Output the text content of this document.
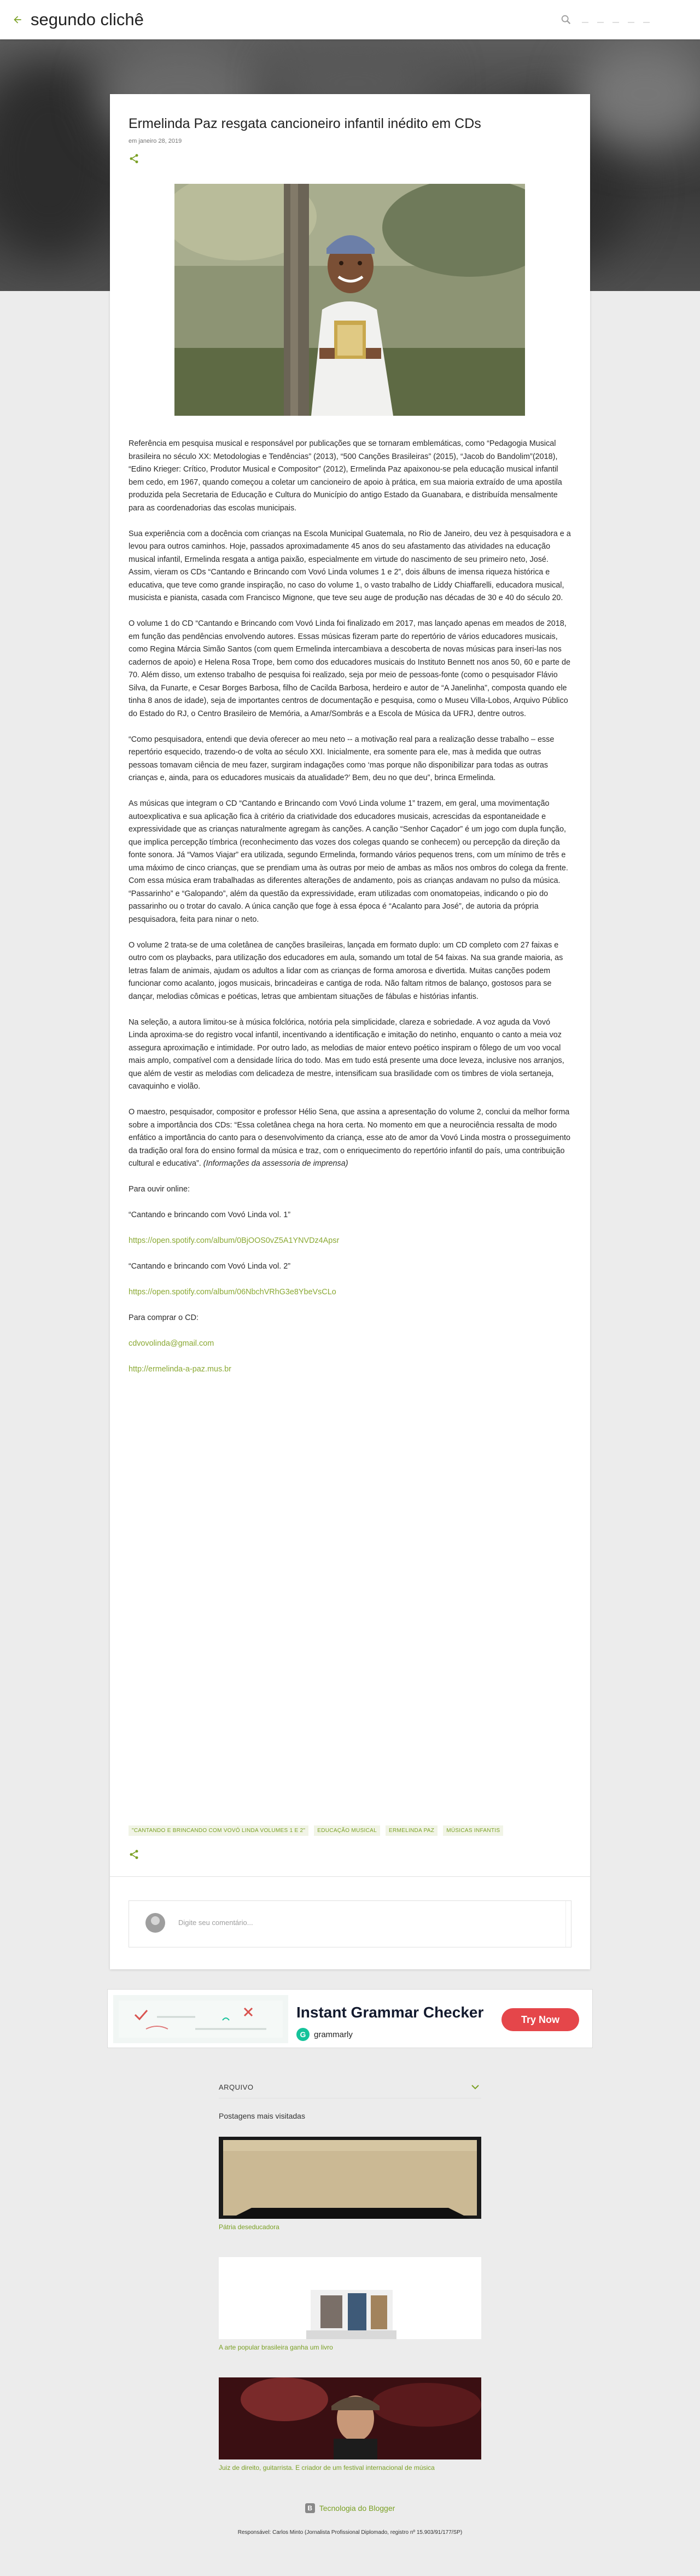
segundo clichê
Ermelinda Paz resgata cancioneiro infantil inédito em CDs
em janeiro 28, 2019

Referência em pesquisa musical e responsável por publicações que se tornaram emblemáticas, como “Pedagogia Musical brasileira no século XX: Metodologias e Tendências” (2013), “500 Canções Brasileiras” (2015), “Jacob do Bandolim”(2018), “Edino Krieger: Crítico, Produtor Musical e Compositor” (2012), Ermelinda Paz apaixonou-se pela educação musical infantil bem cedo, em 1967, quando começou a coletar um cancioneiro de apoio à prática, em sua maioria extraído de uma apostila produzida pela Secretaria de Educação e Cultura do Município do antigo Estado da Guanabara, e distribuída mensalmente para as coordenadorias das escolas municipais.

Sua experiência com a docência com crianças na Escola Municipal Guatemala, no Rio de Janeiro, deu vez à pesquisadora e a levou para outros caminhos. Hoje, passados aproximadamente 45 anos do seu afastamento das atividades na educação musical infantil, Ermelinda resgata a antiga paixão, especialmente em virtude do nascimento de seu primeiro neto, José. Assim, vieram os CDs “Cantando e Brincando com Vovó Linda volumes 1 e 2”, dois álbuns de imensa riqueza histórica e educativa, que teve como grande inspiração, no caso do volume 1, o vasto trabalho de Liddy Chiaffarelli, educadora musical, musicista e pianista, casada com Francisco Mignone, que teve seu auge de produção nas décadas de 30 e 40 do século 20.

O volume 1 do CD “Cantando e Brincando com Vovó Linda foi finalizado em 2017, mas lançado apenas em meados de 2018, em função das pendências envolvendo autores. Essas músicas fizeram parte do repertório de vários educadores musicais, como Regina Márcia Simão Santos (com quem Ermelinda intercambiava a descoberta de novas músicas para inseri-las nos cadernos de apoio) e Helena Rosa Trope, bem como dos educadores musicais do Instituto Bennett nos anos 50, 60 e parte de 70. Além disso, um extenso trabalho de pesquisa foi realizado, seja por meio de pessoas-fonte (como o pesquisador Flávio Silva, da Funarte, e Cesar Borges Barbosa, filho de Cacilda Barbosa, herdeiro e autor de “A Janelinha”, composta quando ele tinha 8 anos de idade), seja de importantes centros de documentação e pesquisa, como o Museu Villa-Lobos, Arquivo Público do Estado do RJ, o Centro Brasileiro de Memória, a Amar/Sombrás e a Escola de Música da UFRJ, dentre outros.

“Como pesquisadora, entendi que devia oferecer ao meu neto -- a motivação real para a realização desse trabalho – esse repertório esquecido, trazendo-o de volta ao século XXI. Inicialmente, era somente para ele, mas à medida que outras pessoas tomavam ciência de meu fazer, surgiram indagações como ‘mas porque não disponibilizar para todas as outras crianças e, ainda, para os educadores musicais da atualidade?’ Bem, deu no que deu”, brinca Ermelinda.

As músicas que integram o CD “Cantando e Brincando com Vovó Linda volume 1” trazem, em geral, uma movimentação autoexplicativa e sua aplicação fica à critério da criatividade dos educadores musicais, acrescidas da espontaneidade e expressividade que as crianças naturalmente agregam às canções. A canção “Senhor Caçador” é um jogo com dupla função, que implica percepção tímbrica (reconhecimento das vozes dos colegas quando se conhecem) ou percepção da direção da fonte sonora. Já “Vamos Viajar” era utilizada, segundo Ermelinda, formando vários pequenos trens, com um mínimo de três e uma máximo de cinco crianças, que se prendiam uma às outras por meio de ambas as mãos nos ombros do colega da frente. Com essa música eram trabalhadas as diferentes alterações de andamento, pois as crianças andavam no pulso da música. “Passarinho” e “Galopando”, além da questão da expressividade, eram utilizadas com onomatopeias, indicando o pio do passarinho ou o trotar do cavalo. A única canção que foge à essa época é “Acalanto para José”, de autoria da própria pesquisadora, feita para ninar o neto.

O volume 2 trata-se de uma coletânea de canções brasileiras, lançada em formato duplo: um CD completo com 27 faixas e outro com os playbacks, para utilização dos educadores em aula, somando um total de 54 faixas. Na sua grande maioria, as letras falam de animais, ajudam os adultos a lidar com as crianças de forma amorosa e divertida. Muitas canções podem funcionar como acalanto, jogos musicais, brincadeiras e cantiga de roda. Não faltam ritmos de balanço, gostosos para se dançar, melodias cômicas e poéticas, letras que ambientam situações de fábulas e histórias infantis.

Na seleção, a autora limitou-se à música folclórica, notória pela simplicidade, clareza e sobriedade. A voz aguda da Vovó Linda aproxima-se do registro vocal infantil, incentivando a identificação e imitação do netinho, enquanto o canto a meia voz assegura aproximação e intimidade. Por outro lado, as melodias de maior entevo poético inspiram o fôlego de um voo vocal mais amplo, compatível com a densidade lírica do todo. Mas em tudo está presente uma doce leveza, inclusive nos arranjos, que além de vestir as melodias com delicadeza de mestre, intensificam sua brasilidade com os timbres de viola sertaneja, cavaquinho e violão.

O maestro, pesquisador, compositor e professor Hélio Sena, que assina a apresentação do volume 2, conclui da melhor forma sobre a importância dos CDs: “Essa coletânea chega na hora certa. No momento em que a neurociência ressalta de modo enfático a importância do canto para o desenvolvimento da criança, esse ato de amor da Vovó Linda mostra o prosseguimento da tradição oral fora do ensino formal da música e traz, com o enriquecimento do repertório infantil do país, uma contribuição cultural e educativa”. (Informações da assessoria de imprensa)

Para ouvir online:

“Cantando e brincando com Vovó Linda vol. 1”

https://open.spotify.com/album/0BjOOS0vZ5A1YNVDz4Apsr

“Cantando e brincando com Vovó Linda vol. 2”

https://open.spotify.com/album/06NbchVRhG3e8YbeVsCLo

Para comprar o CD:

cdvovolinda@gmail.com

http://ermelinda-a-paz.mus.br

"CANTANDO E BRINCANDO COM VOVÓ LINDA VOLUMES 1 E 2"	EDUCAÇÃO MUSICAL	ERMELINDA PAZ	MÚSICAS INFANTIS
Digite seu comentário...
Instant Grammar Checker
G grammarly
Try Now
ARQUIVO
Postagens mais visitadas
Pátria deseducadora
A arte popular brasileira ganha um livro
Juiz de direito, guitarrista. E criador de um festival internacional de música
B Tecnologia do Blogger
Responsável: Carlos Minto (Jornalista Profissional Diplomado, registro nº 15.903/91/177/SP)
